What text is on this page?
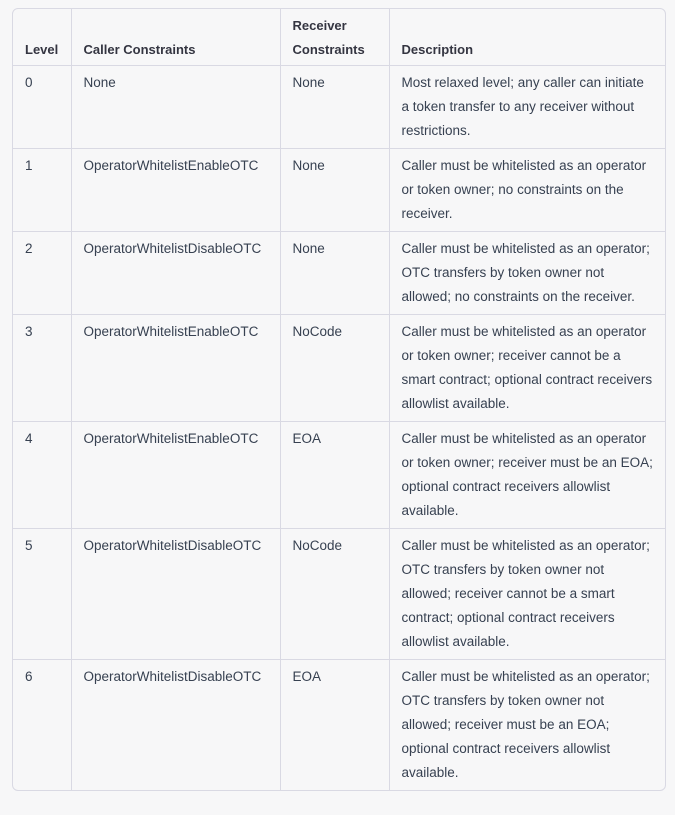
Level	Caller Constraints	Receiver Constraints	Description
0	None	None	Most relaxed level; any caller can initiate a token transfer to any receiver without restrictions.
1	OperatorWhitelistEnableOTC	None	Caller must be whitelisted as an operator or token owner; no constraints on the receiver.
2	OperatorWhitelistDisableOTC	None	Caller must be whitelisted as an operator; OTC transfers by token owner not allowed; no constraints on the receiver.
3	OperatorWhitelistEnableOTC	NoCode	Caller must be whitelisted as an operator or token owner; receiver cannot be a smart contract; optional contract receivers allowlist available.
4	OperatorWhitelistEnableOTC	EOA	Caller must be whitelisted as an operator or token owner; receiver must be an EOA; optional contract receivers allowlist available.
5	OperatorWhitelistDisableOTC	NoCode	Caller must be whitelisted as an operator; OTC transfers by token owner not allowed; receiver cannot be a smart contract; optional contract receivers allowlist available.
6	OperatorWhitelistDisableOTC	EOA	Caller must be whitelisted as an operator; OTC transfers by token owner not allowed; receiver must be an EOA; optional contract receivers allowlist available.
